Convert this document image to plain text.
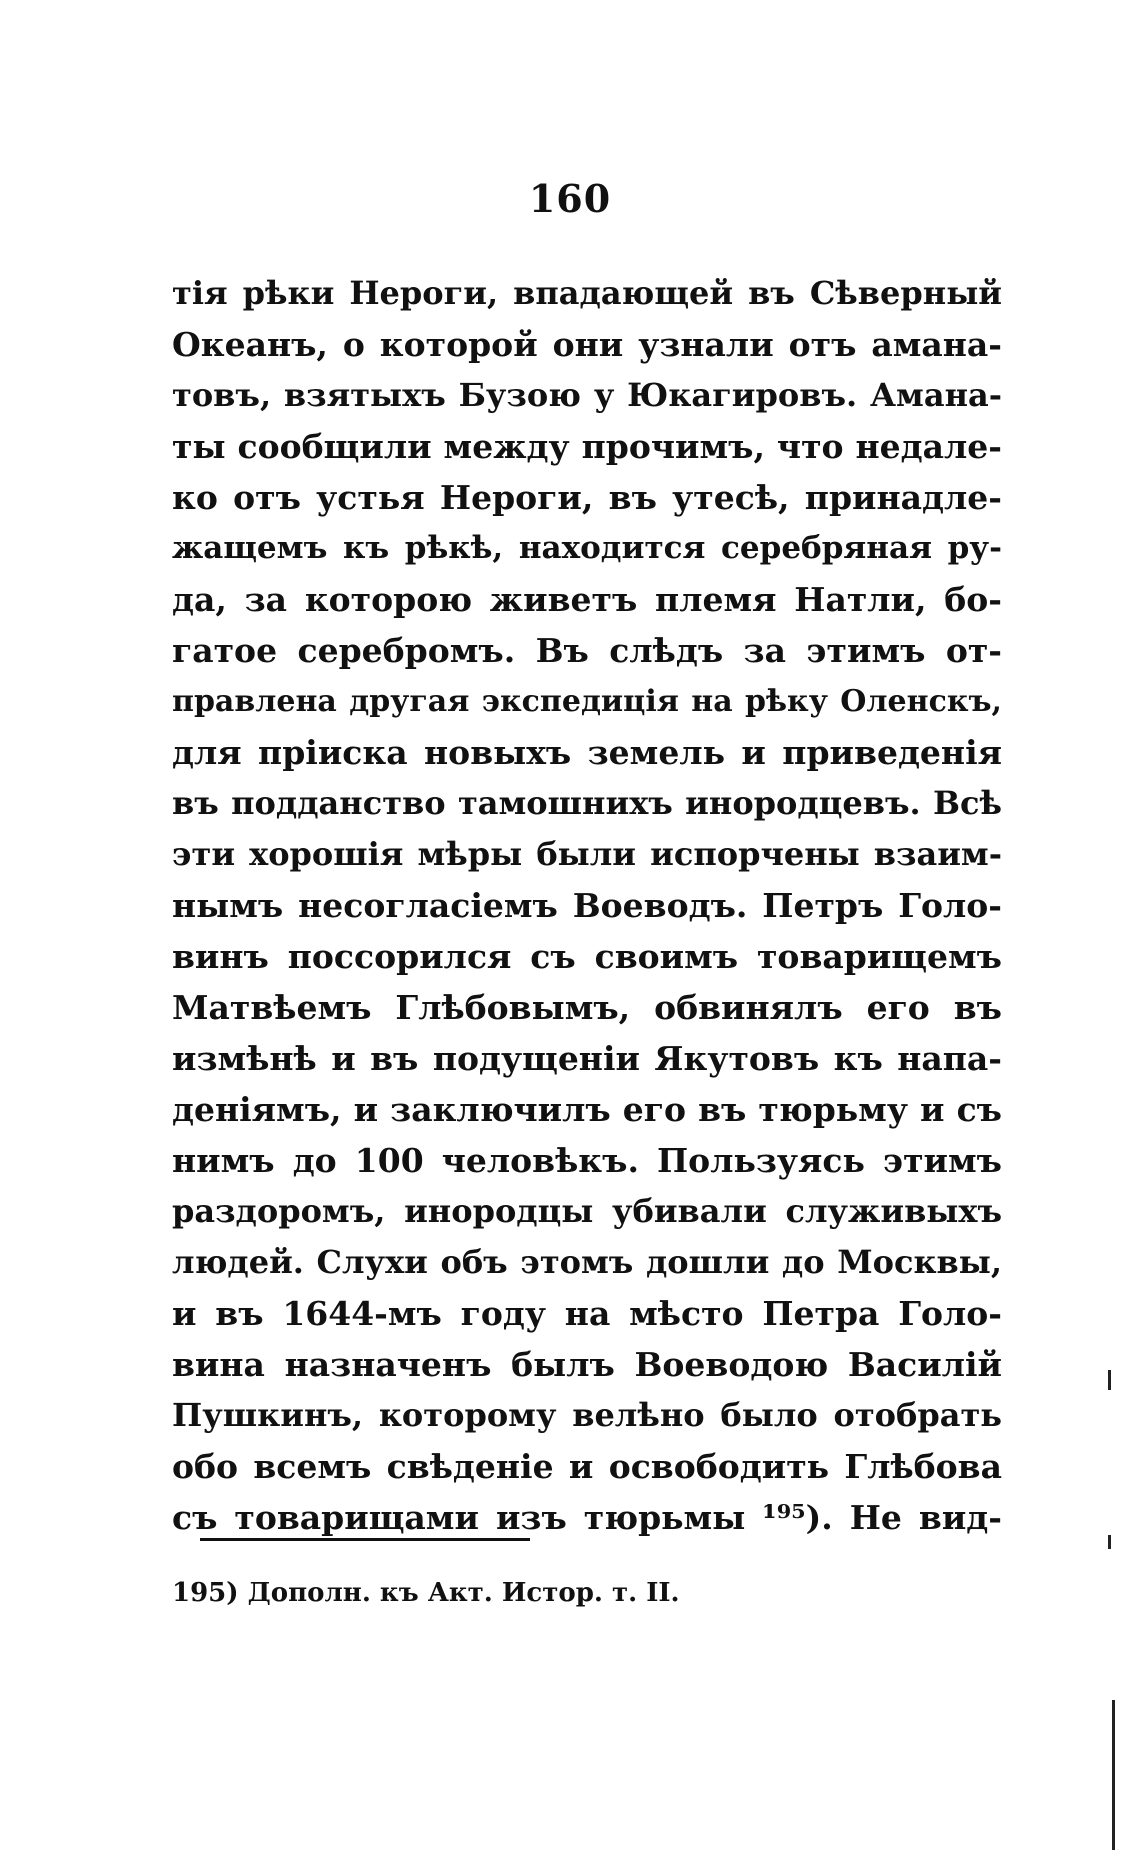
160
тія рѣки Нероги, впадающей въ Сѣверный
Океанъ, о которой они узнали отъ амана-
товъ, взятыхъ Бузою у Юкагировъ. Амана-
ты сообщили между прочимъ, что недале-
ко отъ устья Нероги, въ утесѣ, принадле-
жащемъ къ рѣкѣ, находится серебряная ру-
да, за которою живетъ племя Натли, бо-
гатое серебромъ. Въ слѣдъ за этимъ от-
правлена другая экспедиція на рѣку Оленскъ,
для пріиска новыхъ земель и приведенія
въ подданство тамошнихъ инородцевъ. Всѣ
эти хорошія мѣры были испорчены взаим-
нымъ несогласіемъ Воеводъ. Петръ Голо-
винъ поссорился съ своимъ товарищемъ
Матвѣемъ Глѣбовымъ, обвинялъ его въ
измѣнѣ и въ подущеніи Якутовъ къ напа-
деніямъ, и заключилъ его въ тюрьму и съ
нимъ до 100 человѣкъ. Пользуясь этимъ
раздоромъ, инородцы убивали служивыхъ
людей. Слухи объ этомъ дошли до Москвы,
и въ 1644-мъ году на мѣсто Петра Голо-
вина назначенъ былъ Воеводою Василій
Пушкинъ, которому велѣно было отобрать
обо всемъ свѣденіе и освободить Глѣбова
съ товарищами изъ тюрьмы ¹⁹⁵). Не вид-
195) Дополн. къ Акт. Истор. т. II.
